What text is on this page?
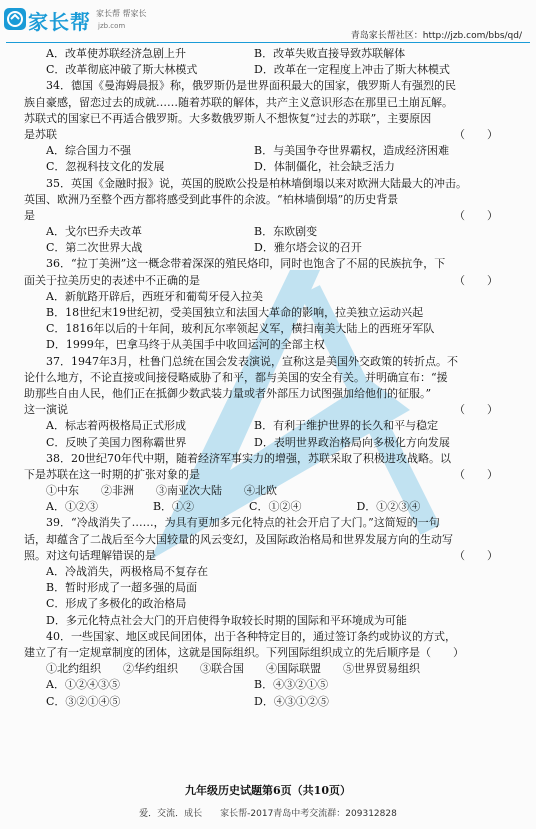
家长帮 家长帮 帮家长
jzb.com
青岛家长帮社区：http://jzb.com/bbs/qd/
A．改革使苏联经济急剧上升	B．改革失败直接导致苏联解体
C．改革彻底冲破了斯大林模式	D．改革在一定程度上冲击了斯大林模式
34．德国《曼海姆晨报》称，俄罗斯仍是世界面积最大的国家，俄罗斯人有强烈的民
族自豪感，留恋过去的成就……随着苏联的解体，共产主义意识形态在那里已土崩瓦解。
苏联式的国家已不再适合俄罗斯。大多数俄罗斯人不想恢复“过去的苏联”，主要原因
是苏联	（　　）
A．综合国力不强	B．与美国争夺世界霸权，造成经济困难
C．忽视科技文化的发展	D．体制僵化，社会缺乏活力
35．英国《金融时报》说，英国的脱欧公投是柏林墙倒塌以来对欧洲大陆最大的冲击。
英国、欧洲乃至整个西方都将感受到此事件的余波。“柏林墙倒塌”的历史背景
是	（　　）
A．戈尔巴乔夫改革	B．东欧剧变
C．第二次世界大战	D．雅尔塔会议的召开
36．“拉丁美洲”这一概念带着深深的殖民烙印，同时也饱含了不屈的民族抗争，下
面关于拉美历史的表述中不正确的是	（　　）
A．新航路开辟后，西班牙和葡萄牙侵入拉美
B．18世纪末19世纪初，受美国独立和法国大革命的影响，拉美独立运动兴起
C．1816年以后的十年间，玻利瓦尔率领起义军，横扫南美大陆上的西班牙军队
D．1999年，巴拿马终于从美国手中收回运河的全部主权
37．1947年3月，杜鲁门总统在国会发表演说，宣称这是美国外交政策的转折点。不
论什么地方，不论直接或间接侵略威胁了和平，都与美国的安全有关。并明确宣布：“援
助那些自由人民，他们正在抵御少数武装力量或者外部压力试图强加给他们的征服。”
这一演说	（　　）
A．标志着两极格局正式形成	B．有利于维护世界的长久和平与稳定
C．反映了美国力图称霸世界	D．表明世界政治格局向多极化方向发展
38．20世纪70年代中期，随着经济军事实力的增强，苏联采取了积极进攻战略。以
下是苏联在这一时期的扩张对象的是	（　　）
①中东　　②非洲　　③南亚次大陆　　④北欧
A．①②③　　　　　B．①②　　　　　C．①②④　　　　　D．①②③④
39．“冷战消失了……，为具有更加多元化特点的社会开启了大门。”这简短的一句
话，却蕴含了二战后至今大国较量的风云变幻，及国际政治格局和世界发展方向的生动写
照。对这句话理解错误的是	（　　）
A．冷战消失，两极格局不复存在
B．暂时形成了一超多强的局面
C．形成了多极化的政治格局
D．多元化特点社会大门的开启使得争取较长时期的国际和平环境成为可能
40．一些国家、地区或民间团体，出于各种特定目的，通过签订条约或协议的方式，
建立了有一定规章制度的团体，这就是国际组织。下列国际组织成立的先后顺序是（　　）
①北约组织　　②华约组织　　③联合国　　④国际联盟　　⑤世界贸易组织
A．①②④③⑤	B．④③②①⑤
C．③②①④⑤	D．④③①②⑤
九年级历史试题第6页（共10页）
爱．交流．成长　　家长帮-2017青岛中考交流群：209312828
